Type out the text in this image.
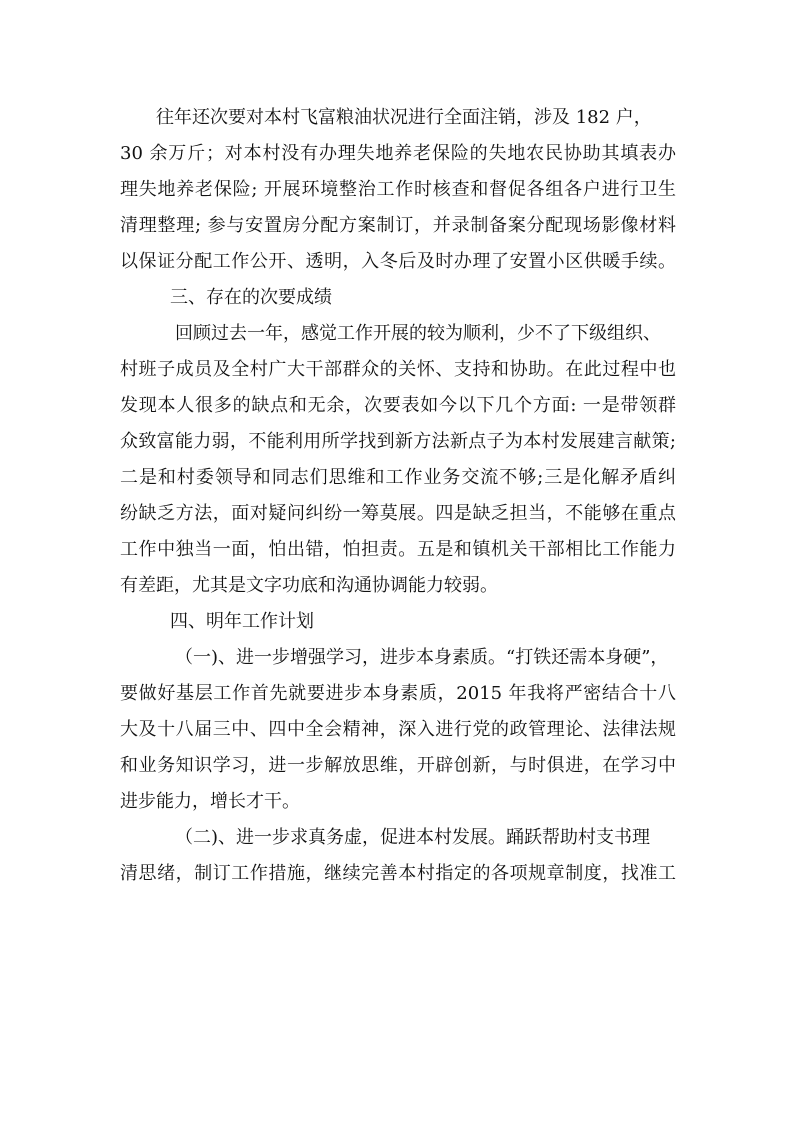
往年还次要对本村飞富粮油状况进行全面注销，涉及 182 户，
30 余万斤；对本村没有办理失地养老保险的失地农民协助其填表办
理失地养老保险; 开展环境整治工作时核查和督促各组各户进行卫生
清理整理; 参与安置房分配方案制订，并录制备案分配现场影像材料
以保证分配工作公开、透明，入冬后及时办理了安置小区供暖手续。
三、存在的次要成绩
回顾过去一年，感觉工作开展的较为顺利，少不了下级组织、
村班子成员及全村广大干部群众的关怀、支持和协助。在此过程中也
发现本人很多的缺点和无余，次要表如今以下几个方面: 一是带领群
众致富能力弱，不能利用所学找到新方法新点子为本村发展建言献策;
二是和村委领导和同志们思维和工作业务交流不够;三是化解矛盾纠
纷缺乏方法，面对疑问纠纷一筹莫展。四是缺乏担当，不能够在重点
工作中独当一面，怕出错，怕担责。五是和镇机关干部相比工作能力
有差距，尤其是文字功底和沟通协调能力较弱。
四、明年工作计划
（一)、进一步增强学习，进步本身素质。“打铁还需本身硬”，
要做好基层工作首先就要进步本身素质，2015 年我将严密结合十八
大及十八届三中、四中全会精神，深入进行党的政管理论、法律法规
和业务知识学习，进一步解放思维，开辟创新，与时俱进，在学习中
进步能力，增长才干。
（二)、进一步求真务虚，促进本村发展。踊跃帮助村支书理
清思绪，制订工作措施，继续完善本村指定的各项规章制度，找准工
